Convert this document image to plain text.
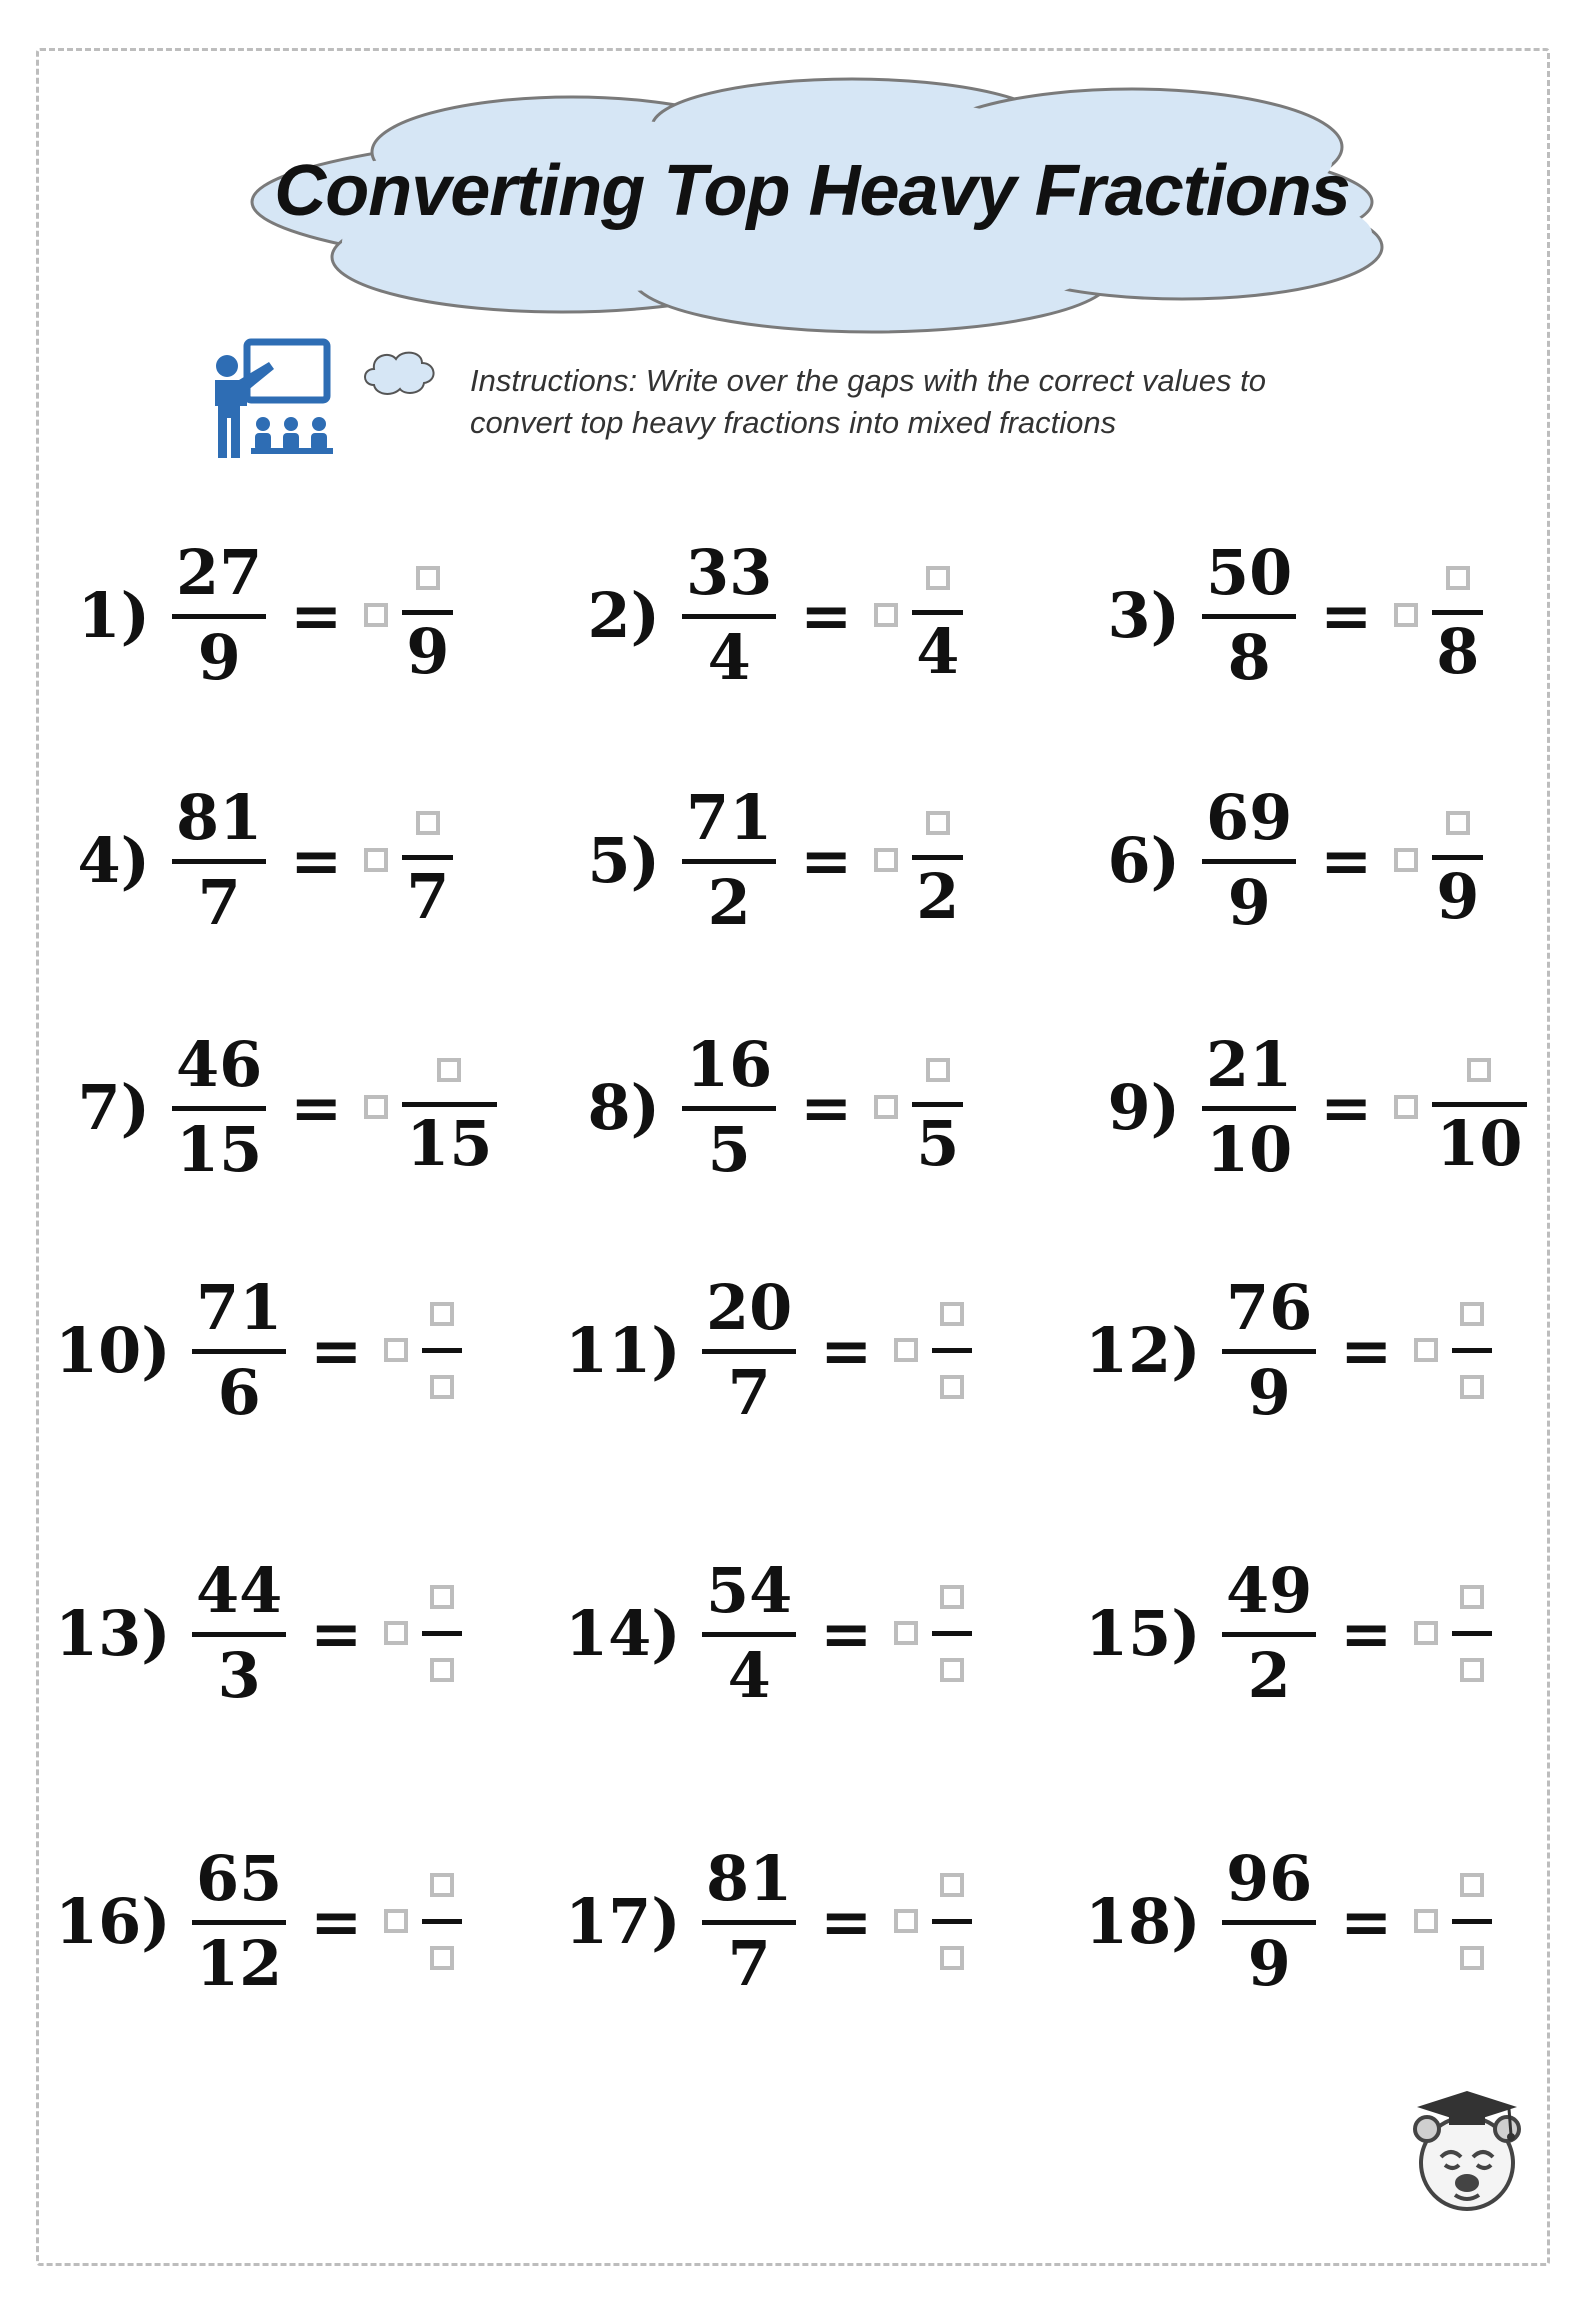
Converting Top Heavy Fractions
Instructions: Write over the gaps with the correct values to convert top heavy fractions into mixed fractions
1)
27
9
= 9 2)
33
4
= 4 3)
50
8
= 8
4)
81
7
= 7 5)
71
2
= 2 6)
69
9
= 9
7)
46
15
= 15 8)
16
5
= 5 9)
21
10
= 10
10)
71
6
=	11)
20
7
=	12)
76
9
=
13)
44
3
=	14)
54
4
=	15)
49
2
=
16)
65
12
=	17)
81
7
=	18)
96
9
=
